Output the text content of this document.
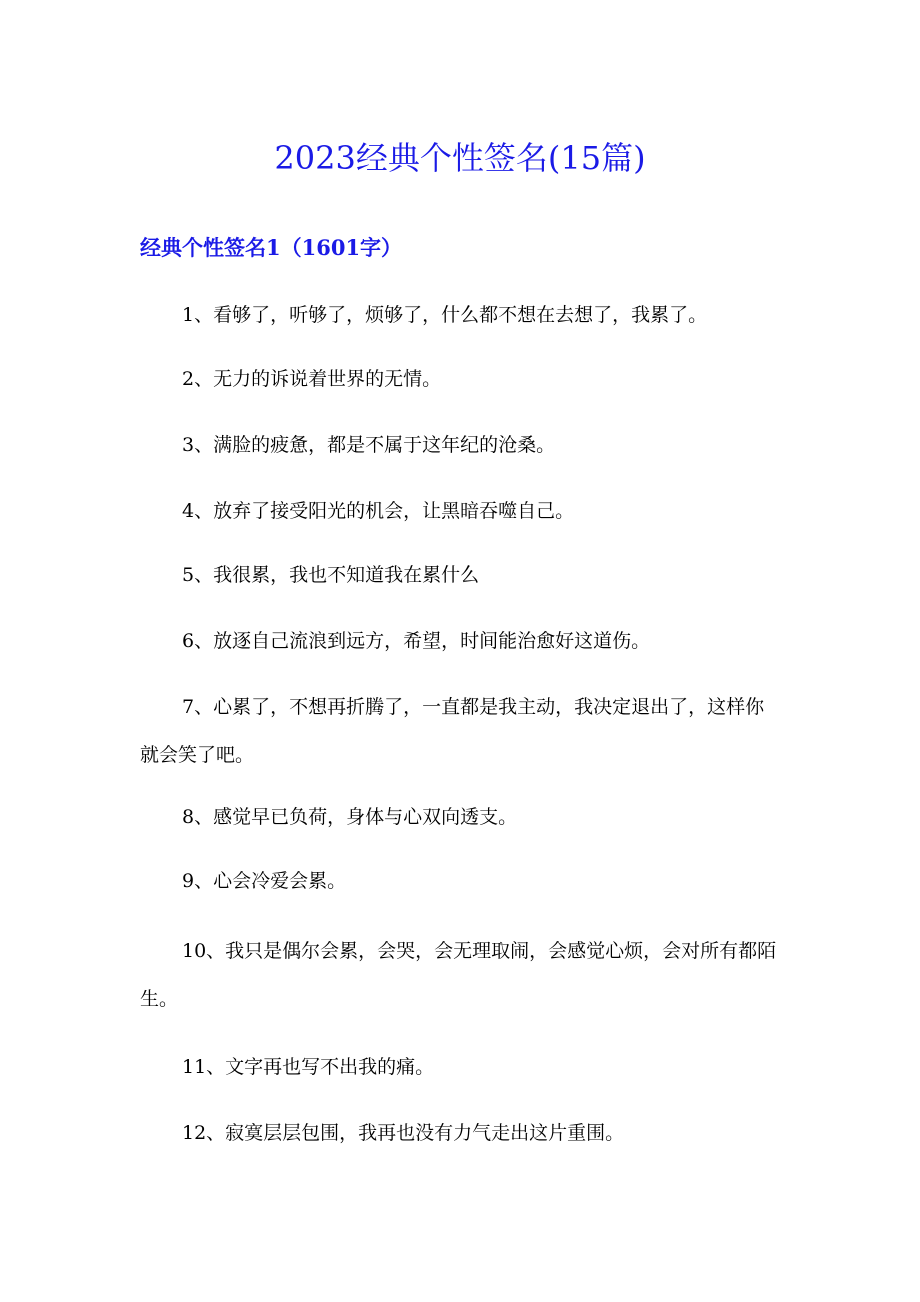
2023经典个性签名(15篇)
经典个性签名1（1601字）

1、看够了，听够了，烦够了，什么都不想在去想了，我累了。

2、无力的诉说着世界的无情。

3、满脸的疲惫，都是不属于这年纪的沧桑。

4、放弃了接受阳光的机会，让黑暗吞噬自己。

5、我很累，我也不知道我在累什么

6、放逐自己流浪到远方，希望，时间能治愈好这道伤。

7、心累了，不想再折腾了，一直都是我主动，我决定退出了，这样你就会笑了吧。

8、感觉早已负荷，身体与心双向透支。

9、心会冷爱会累。

10、我只是偶尔会累，会哭，会无理取闹，会感觉心烦，会对所有都陌生。

11、文字再也写不出我的痛。

12、寂寞层层包围，我再也没有力气走出这片重围。
